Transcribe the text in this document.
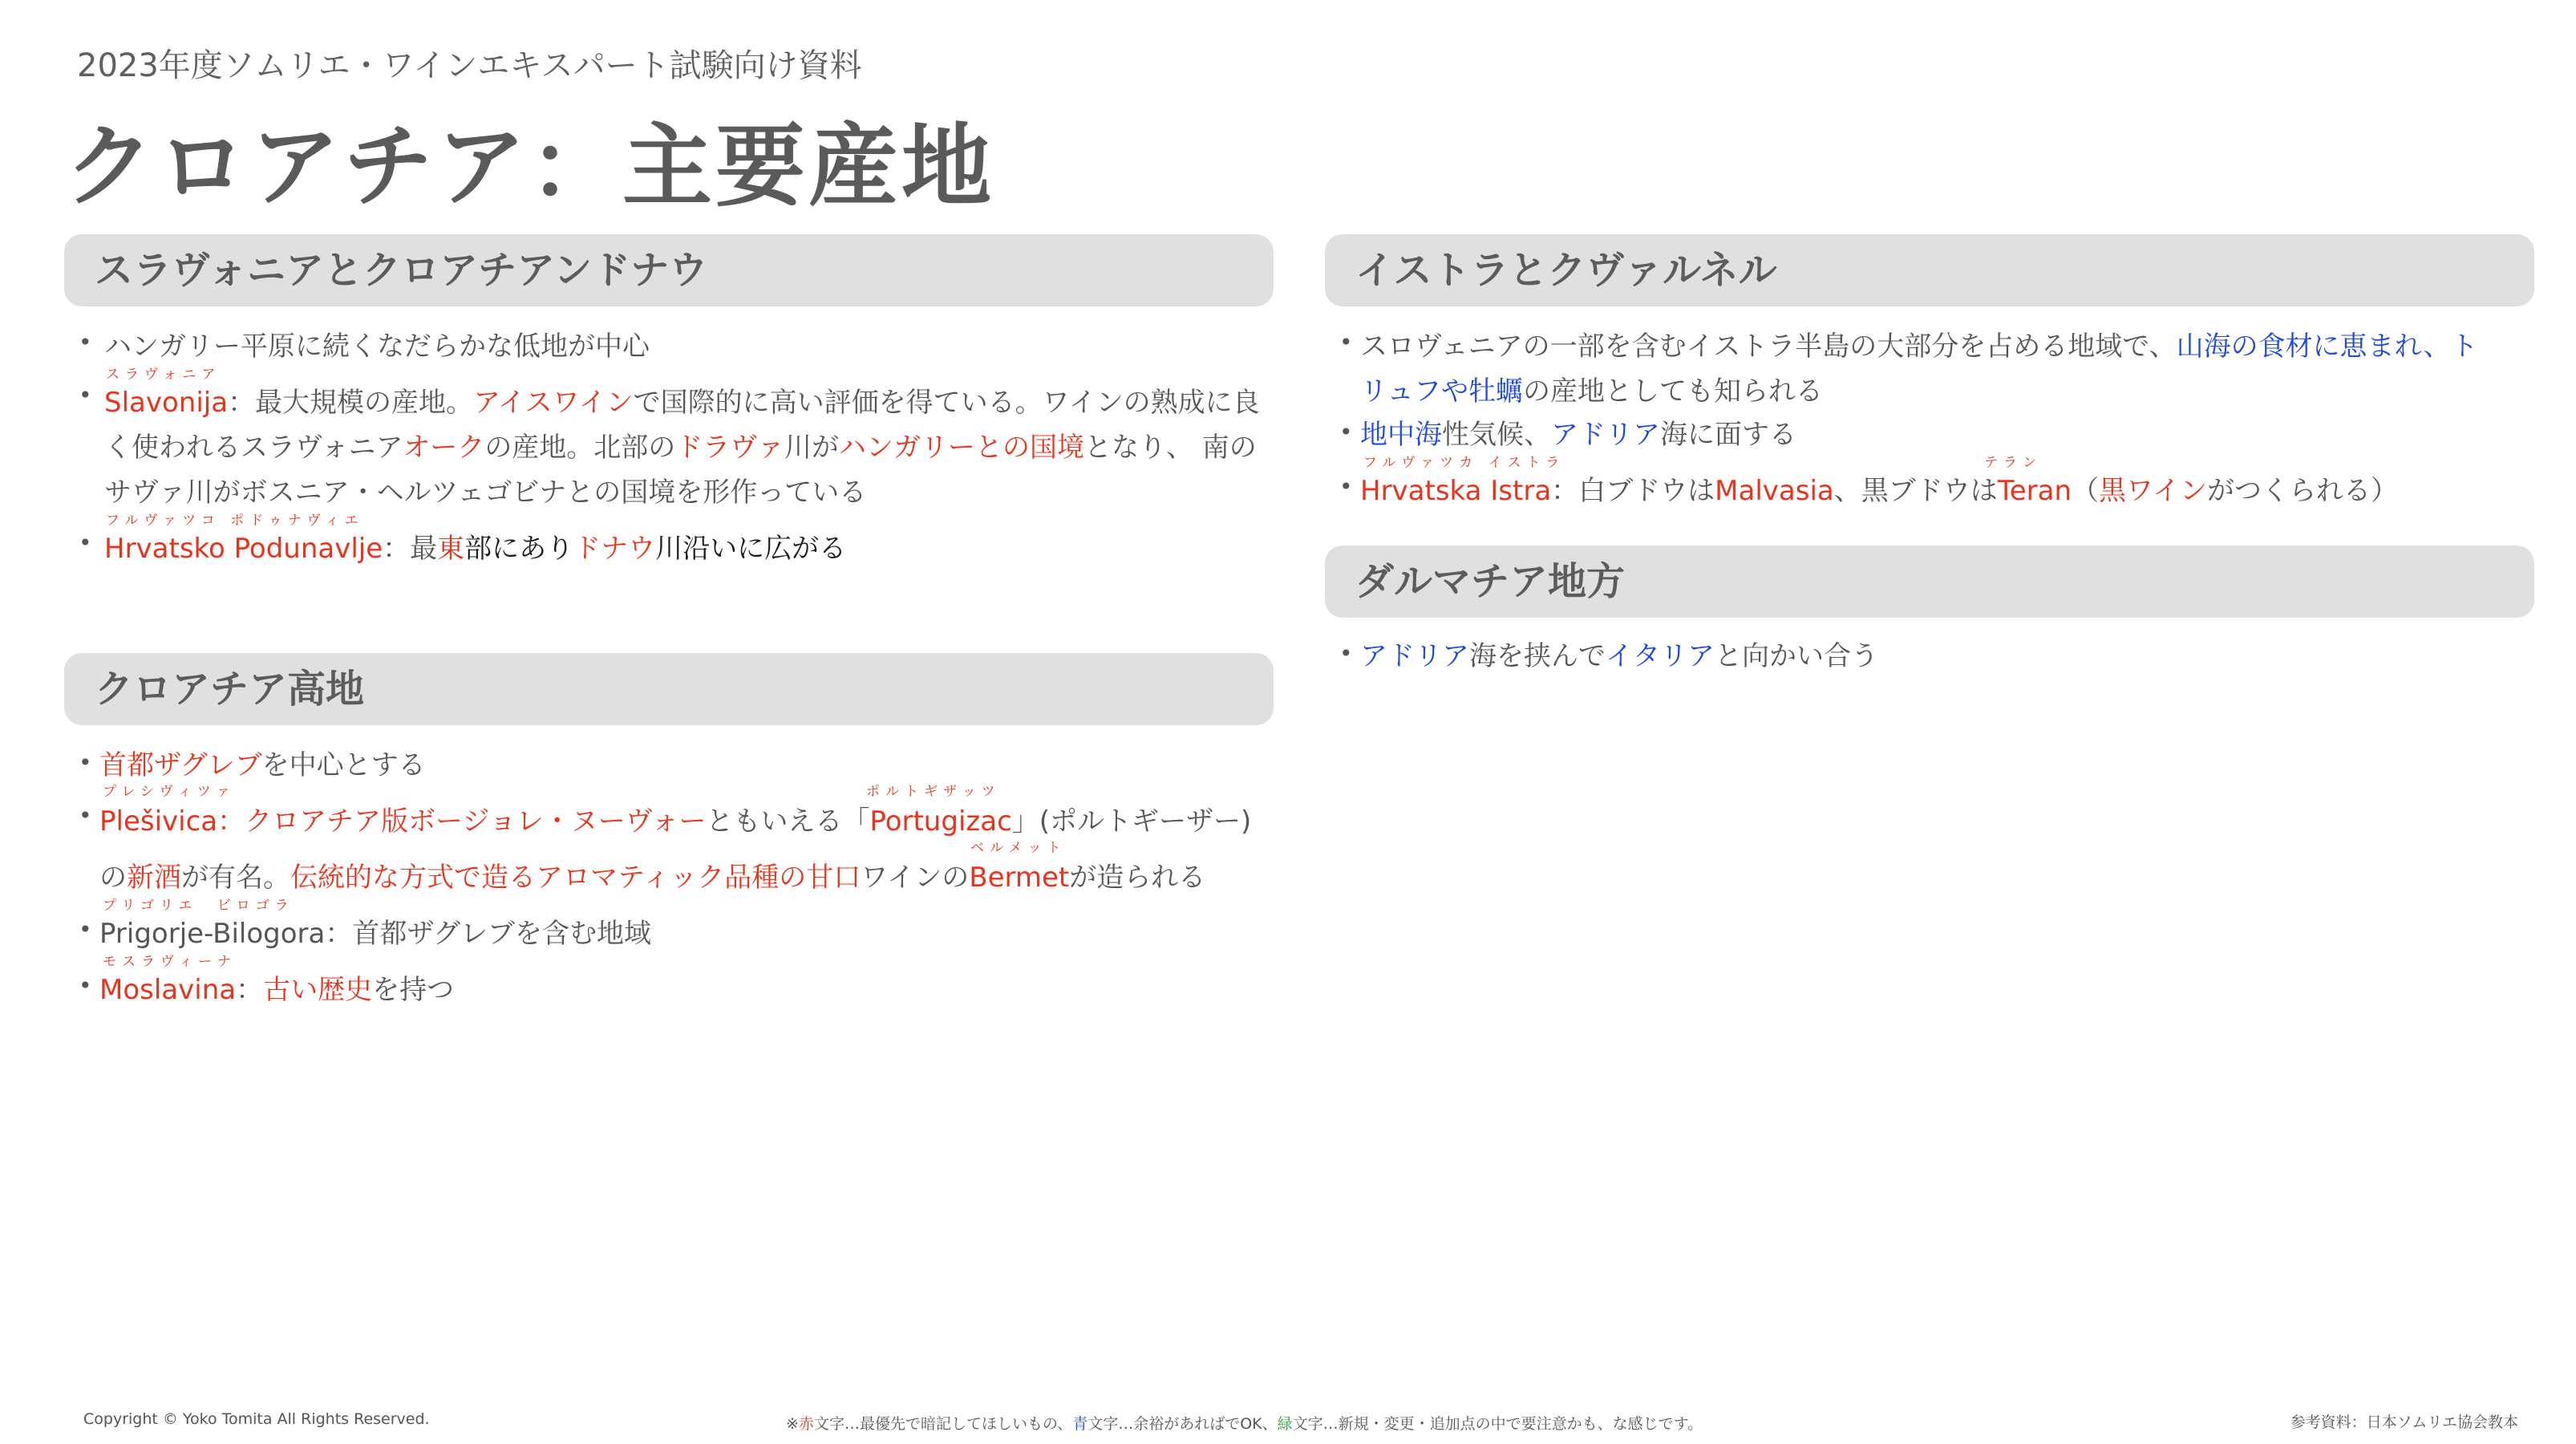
2023年度ソムリエ・ワインエキスパート試験向け資料
クロアチア：主要産地
スラヴォニアとクロアチアンドナウ
• ハンガリー平原に続くなだらかな低地が中心
スラヴォニア
• Slavonija：最大規模の産地。アイスワインで国際的に高い評価を得ている。ワインの熟成に良
く使われるスラヴォニアオークの産地。北部のドラヴァ川がハンガリーとの国境となり、 南の
サヴァ川がボスニア・ヘルツェゴビナとの国境を形作っている
フルヴァツコ ポドゥナヴィエ
• Hrvatsko Podunavlje：最東部にありドナウ川沿いに広がる
クロアチア高地
• 首都ザグレブを中心とする
プレシヴィツァ	ポルトギザッツ
• Plešivica：クロアチア版ボージョレ・ヌーヴォーともいえる「Portugizac」(ポルトギーザー)
ベルメット
の新酒が有名。伝統的な方式で造るアロマティック品種の甘口ワインのBermetが造られる
プリゴリエ　ビロゴラ
• Prigorje-Bilogora：首都ザグレブを含む地域
モスラヴィーナ
• Moslavina：古い歴史を持つ
イストラとクヴァルネル
• スロヴェニアの一部を含むイストラ半島の大部分を占める地域で、山海の食材に恵まれ、ト
リュフや牡蠣の産地としても知られる
• 地中海性気候、アドリア海に面する
フルヴァツカ イストラ	テラン
• Hrvatska Istra：白ブドウはMalvasia、黒ブドウはTeran（黒ワインがつくられる）
ダルマチア地方
• アドリア海を挟んでイタリアと向かい合う
Copyright © Yoko Tomita All Rights Reserved.	※赤文字…最優先で暗記してほしいもの、青文字…余裕があればでOK、緑文字…新規・変更・追加点の中で要注意かも、な感じです。	参考資料：日本ソムリエ協会教本
